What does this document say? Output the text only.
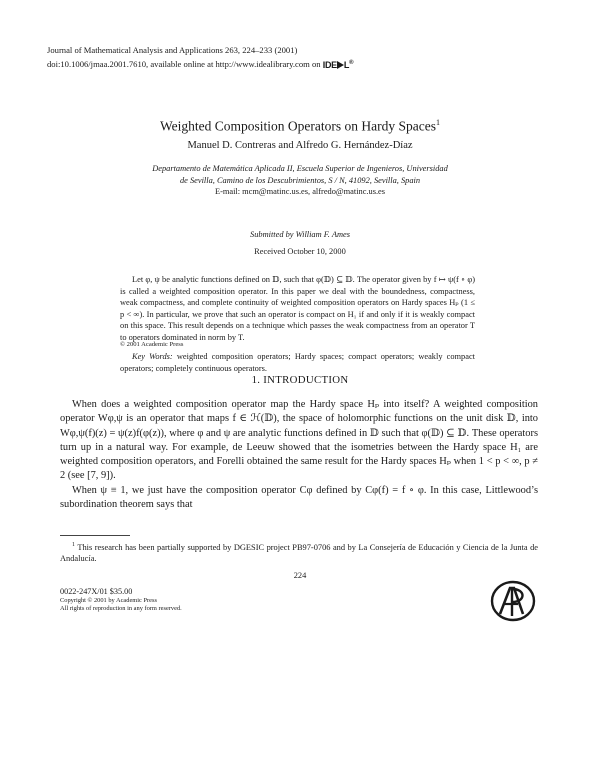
Journal of Mathematical Analysis and Applications 263, 224–233 (2001)
doi:10.1006/jmaa.2001.7610, available online at http://www.idealibrary.com on IDE L®
Weighted Composition Operators on Hardy Spaces$^1$
Manuel D. Contreras and Alfredo G. Hernández-Díaz
Departamento de Matemática Aplicada II, Escuela Superior de Ingenieros, Universidad
de Sevilla, Camino de los Descubrimientos, S / N, 41092, Sevilla, Spain
E-mail: mcm@matinc.us.es, alfredo@matinc.us.es
Submitted by William F. Ames
Received October 10, 2000

Let φ, ψ be analytic functions defined on 𝔻, such that φ(𝔻) ⊆ 𝔻. The operator given by f ↦ ψ(f ∘ φ) is called a weighted composition operator. In this paper we deal with the boundedness, compactness, weak compactness, and complete continuity of weighted composition operators on Hardy spaces Hₚ (1 ≤ p < ∞). In particular, we prove that such an operator is compact on H₁ if and only if it is weakly compact on this space. This result depends on a technique which passes the weak compactness from an operator T to operators dominated in norm by T.

© 2001 Academic Press
Key Words: weighted composition operators; Hardy spaces; compact operators; weakly compact operators; completely continuous operators.
1. INTRODUCTION

When does a weighted composition operator map the Hardy space Hₚ into itself? A weighted composition operator Wφ,ψ is an operator that maps f ∈ ℋ(𝔻), the space of holomorphic functions on the unit disk 𝔻, into Wφ,ψ(f)(z) = ψ(z)f(φ(z)), where φ and ψ are analytic functions defined in 𝔻 such that φ(𝔻) ⊆ 𝔻. These operators turn up in a natural way. For example, de Leeuw showed that the isometries between the Hardy space H₁ are weighted composition operators, and Forelli obtained the same result for the Hardy spaces Hₚ when 1 < p < ∞, p ≠ 2 (see [7, 9]).

When ψ ≡ 1, we just have the composition operator Cφ defined by Cφ(f) = f ∘ φ. In this case, Littlewood’s subordination theorem says that

$^1$ This research has been partially supported by DGESIC project PB97-0706 and by La Consejería de Educación y Ciencia de la Junta de Andalucía.
224
0022-247X/01 $35.00
Copyright © 2001 by Academic Press
All rights of reproduction in any form reserved.
